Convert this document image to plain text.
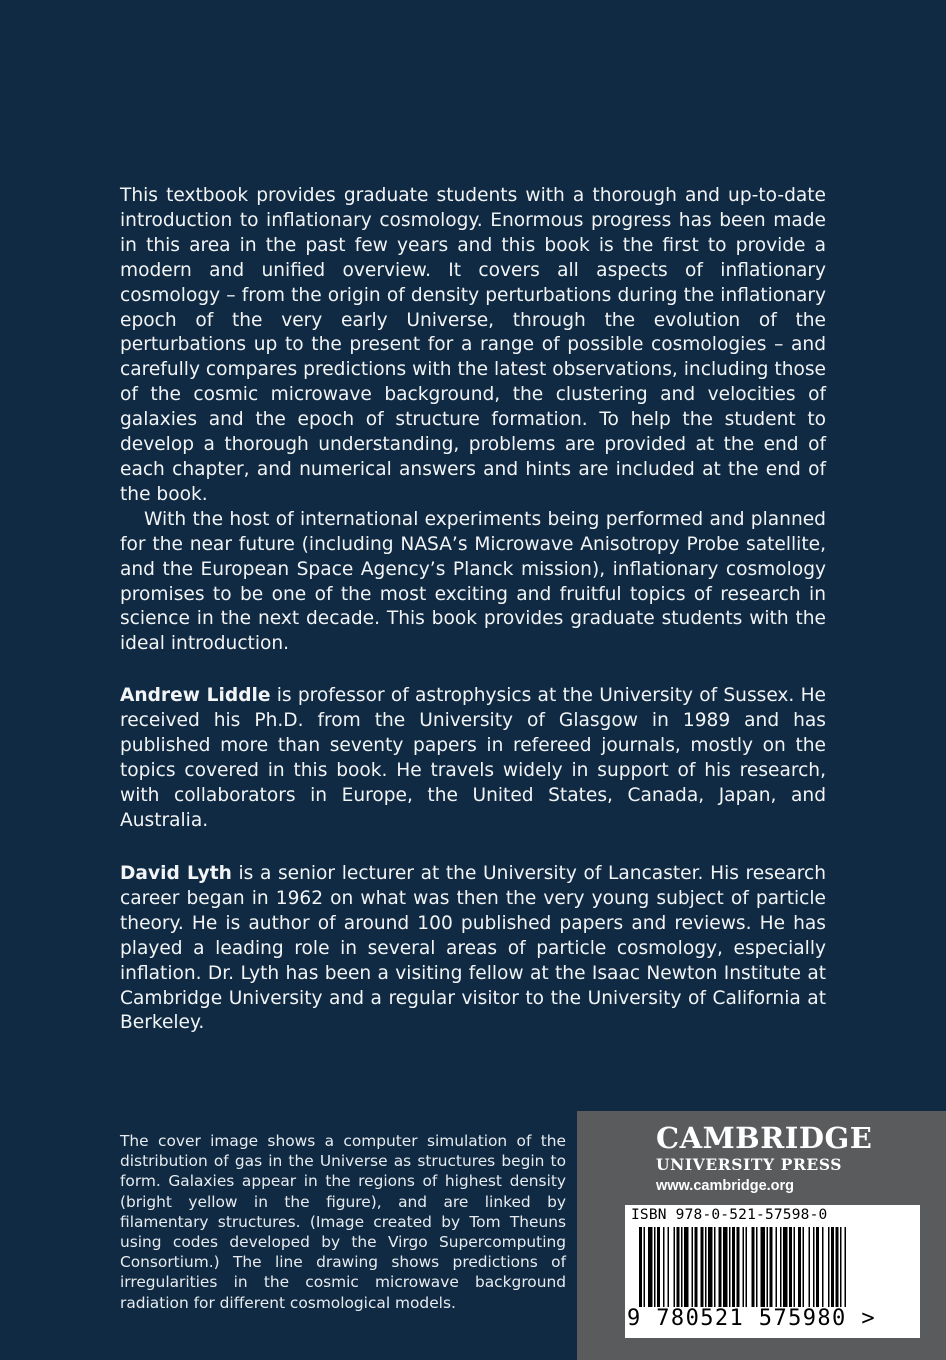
This textbook provides graduate students with a thorough and up-to-date introduction to inflationary cosmology. Enormous progress has been made in this area in the past few years and this book is the first to provide a modern and unified overview. It covers all aspects of inflationary cosmology – from the origin of density perturbations during the inflationary epoch of the very early Universe, through the evolution of the perturbations up to the present for a range of possible cosmologies – and carefully compares predictions with the latest observations, including those of the cosmic microwave background, the clustering and velocities of galaxies and the epoch of structure formation. To help the student to develop a thorough understanding, problems are provided at the end of each chapter, and numerical answers and hints are included at the end of the book.

With the host of international experiments being performed and planned for the near future (including NASA’s Microwave Anisotropy Probe satellite, and the European Space Agency’s Planck mission), inflationary cosmology promises to be one of the most exciting and fruitful topics of research in science in the next decade. This book provides graduate students with the ideal introduction.

Andrew Liddle is professor of astrophysics at the University of Sussex. He received his Ph.D. from the University of Glasgow in 1989 and has published more than seventy papers in refereed journals, mostly on the topics covered in this book. He travels widely in support of his research, with collaborators in Europe, the United States, Canada, Japan, and Australia.

David Lyth is a senior lecturer at the University of Lancaster. His research career began in 1962 on what was then the very young subject of particle theory. He is author of around 100 published papers and reviews. He has played a leading role in several areas of particle cosmology, especially inflation. Dr. Lyth has been a visiting fellow at the Isaac Newton Institute at Cambridge University and a regular visitor to the University of California at Berkeley.

The cover image shows a computer simulation of the distribution of gas in the Universe as structures begin to form. Galaxies appear in the regions of highest density (bright yellow in the figure), and are linked by filamentary structures. (Image created by Tom Theuns using codes developed by the Virgo Supercomputing Consortium.) The line drawing shows predictions of irregularities in the cosmic microwave background radiation for different cosmological models.
CAMBRIDGE
UNIVERSITY PRESS
www.cambridge.org
ISBN 978-0-521-57598-0
9 780521 575980 >
